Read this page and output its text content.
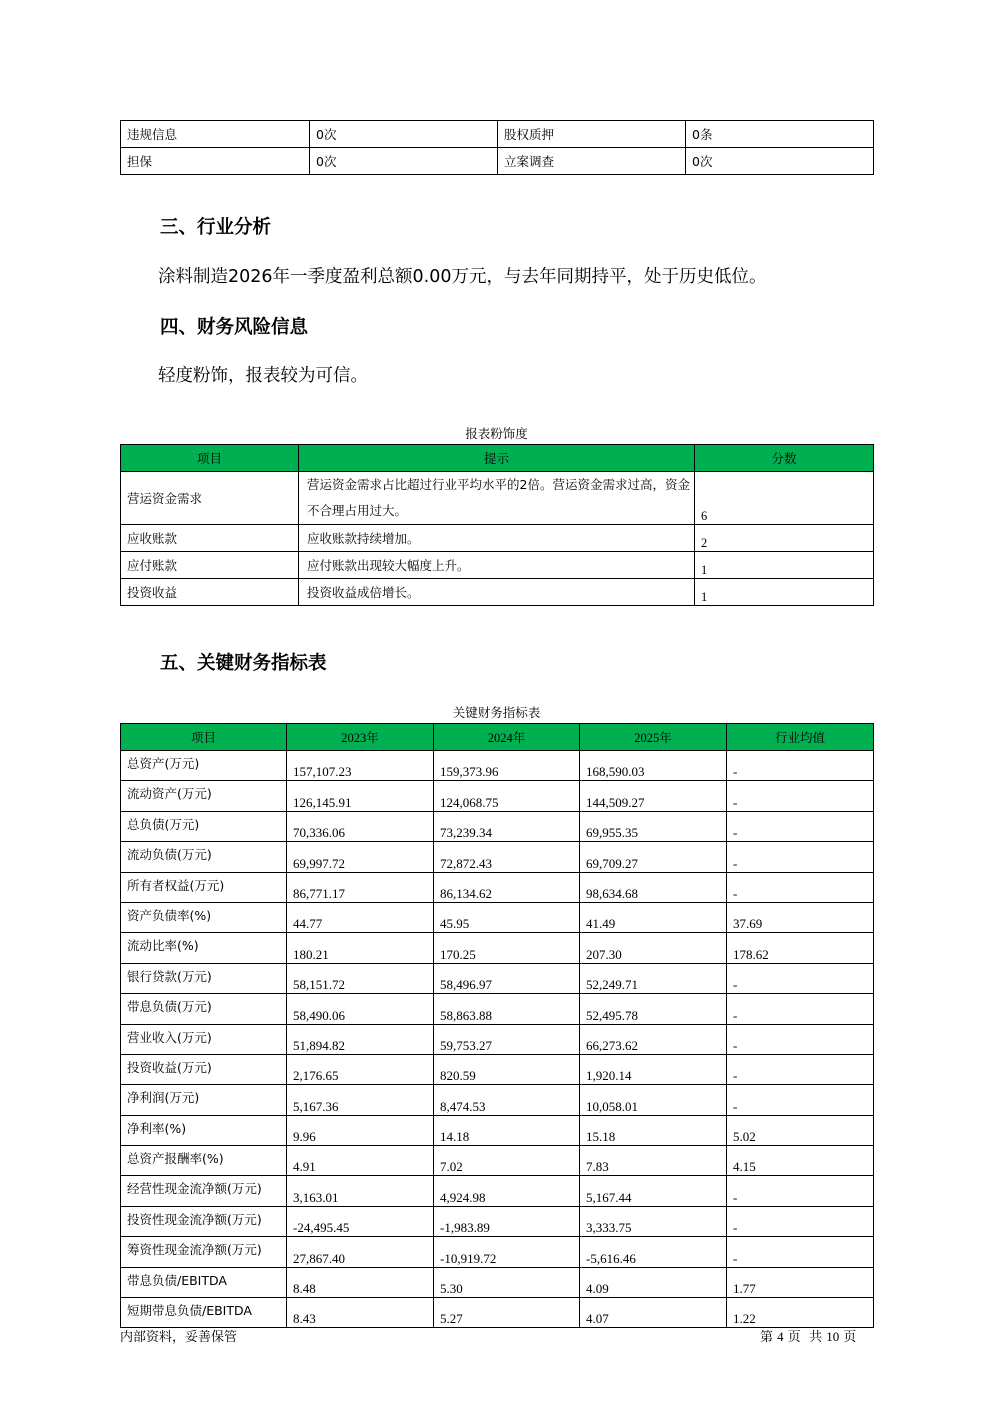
违规信息	0次	股权质押	0条
担保	0次	立案调查	0次
三、行业分析

涂料制造2026年一季度盈利总额0.00万元，与去年同期持平，处于历史低位。

四、财务风险信息

轻度粉饰，报表较为可信。

报表粉饰度
项目	提示	分数
营运资金需求	营运资金需求占比超过行业平均水平的2倍。营运资金需求过高，资金不合理占用过大。	6
应收账款	应收账款持续增加。	2
应付账款	应付账款出现较大幅度上升。	1
投资收益	投资收益成倍增长。	1
五、关键财务指标表
关键财务指标表
项目	2023年	2024年	2025年	行业均值
总资产(万元)	157,107.23	159,373.96	168,590.03	-
流动资产(万元)	126,145.91	124,068.75	144,509.27	-
总负债(万元)	70,336.06	73,239.34	69,955.35	-
流动负债(万元)	69,997.72	72,872.43	69,709.27	-
所有者权益(万元)	86,771.17	86,134.62	98,634.68	-
资产负债率(%)	44.77	45.95	41.49	37.69
流动比率(%)	180.21	170.25	207.30	178.62
银行贷款(万元)	58,151.72	58,496.97	52,249.71	-
带息负债(万元)	58,490.06	58,863.88	52,495.78	-
营业收入(万元)	51,894.82	59,753.27	66,273.62	-
投资收益(万元)	2,176.65	820.59	1,920.14	-
净利润(万元)	5,167.36	8,474.53	10,058.01	-
净利率(%)	9.96	14.18	15.18	5.02
总资产报酬率(%)	4.91	7.02	7.83	4.15
经营性现金流净额(万元)	3,163.01	4,924.98	5,167.44	-
投资性现金流净额(万元)	-24,495.45	-1,983.89	3,333.75	-
筹资性现金流净额(万元)	27,867.40	-10,919.72	-5,616.46	-
带息负债/EBITDA	8.48	5.30	4.09	1.77
短期带息负债/EBITDA	8.43	5.27	4.07	1.22
内部资料，妥善保管	第 4 页 共 10 页
